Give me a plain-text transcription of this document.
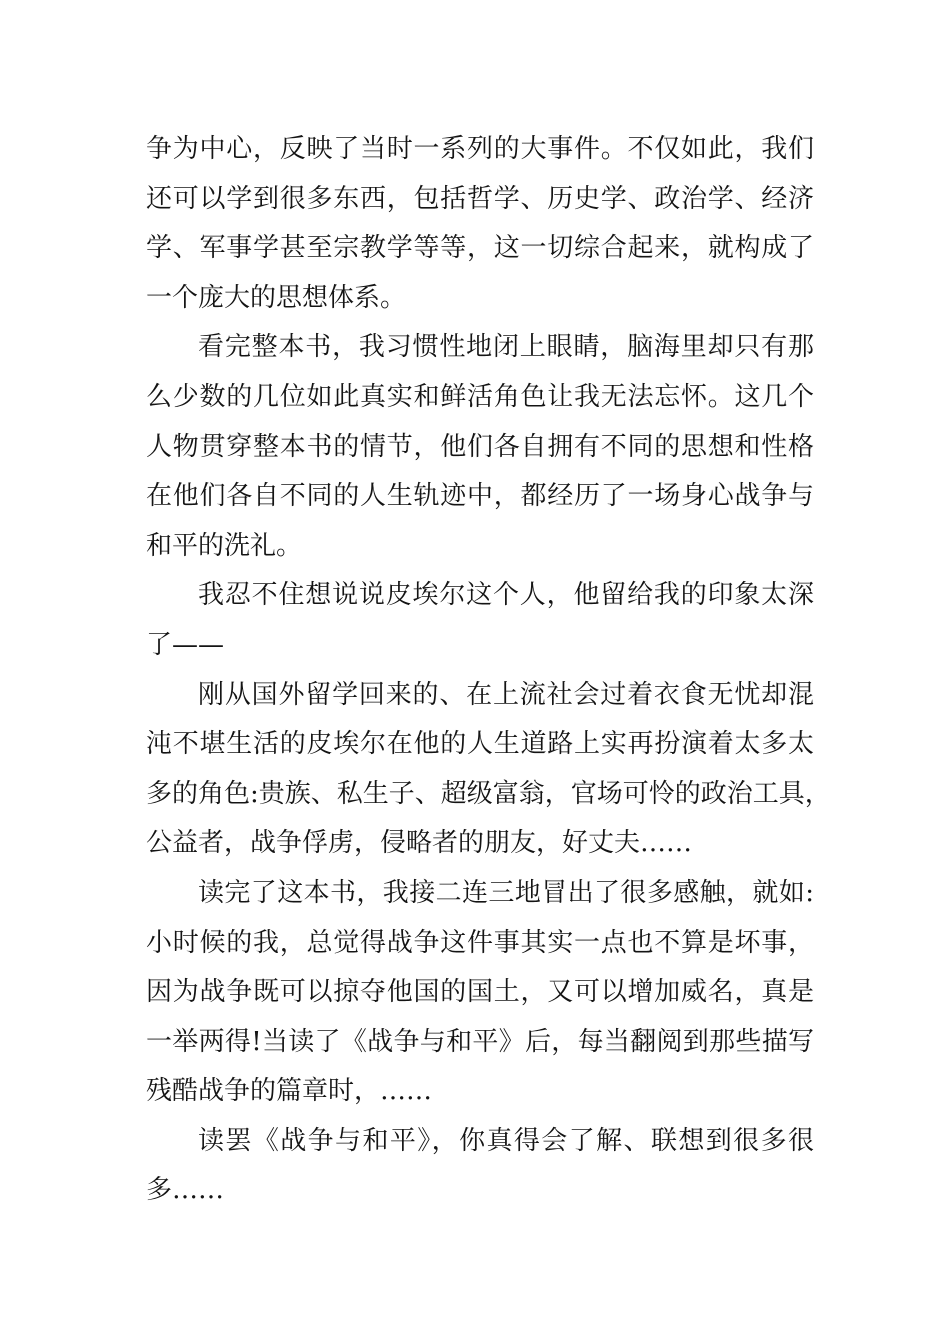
争为中心，反映了当时一系列的大事件。不仅如此，我们
还可以学到很多东西，包括哲学、历史学、政治学、经济
学、军事学甚至宗教学等等，这一切综合起来，就构成了
一个庞大的思想体系。
看完整本书，我习惯性地闭上眼睛，脑海里却只有那
么少数的几位如此真实和鲜活角色让我无法忘怀。这几个
人物贯穿整本书的情节，他们各自拥有不同的思想和性格
在他们各自不同的人生轨迹中，都经历了一场身心战争与
和平的洗礼。
我忍不住想说说皮埃尔这个人，他留给我的印象太深
了——
刚从国外留学回来的、在上流社会过着衣食无忧却混
沌不堪生活的皮埃尔在他的人生道路上实再扮演着太多太
多的角色:贵族、私生子、超级富翁，官场可怜的政治工具，
公益者，战争俘虏，侵略者的朋友，好丈夫……
读完了这本书，我接二连三地冒出了很多感触，就如:
小时候的我，总觉得战争这件事其实一点也不算是坏事，
因为战争既可以掠夺他国的国土，又可以增加威名，真是
一举两得!当读了《战争与和平》后，每当翻阅到那些描写
残酷战争的篇章时，……
读罢《战争与和平》，你真得会了解、联想到很多很
多……
